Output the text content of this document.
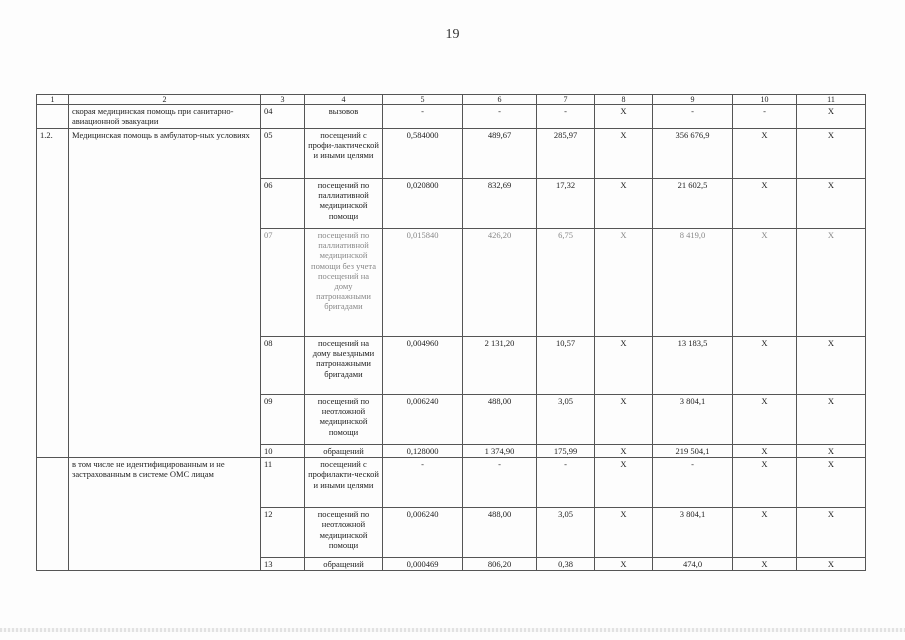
19
1	2	3	4	5	6	7	8	9	10	11
	скорая медицинская помощь при санитарно-авиационной эвакуации	04	вызовов	-	-	-	Х	-	-	Х
1.2.	Медицинская помощь в амбулатор-ных условиях	05	посещений с профи-лактической и иными целями	0,584000	489,67	285,97	Х	356 676,9	Х	Х
		06	посещений по паллиативной медицинской помощи	0,020800	832,69	17,32	Х	21 602,5	Х	Х
		07	посещений по паллиативной медицинской помощи без учета посещений на дому патронажными бригадами	0,015840	426,20	6,75	Х	8 419,0	Х	Х
		08	посещений на дому выездными патронажными бригадами	0,004960	2 131,20	10,57	Х	13 183,5	Х	Х
		09	посещений по неотложной медицинской помощи	0,006240	488,00	3,05	Х	3 804,1	Х	Х
		10	обращений	0,128000	1 374,90	175,99	Х	219 504,1	Х	Х
	в том числе не идентифицированным и не застрахованным в системе ОМС лицам	11	посещений с профилакти-ческой и иными целями	-	-	-	Х	-	Х	Х
		12	посещений по неотложной медицинской помощи	0,006240	488,00	3,05	Х	3 804,1	Х	Х
		13	обращений	0,000469	806,20	0,38	Х	474,0	Х	Х
